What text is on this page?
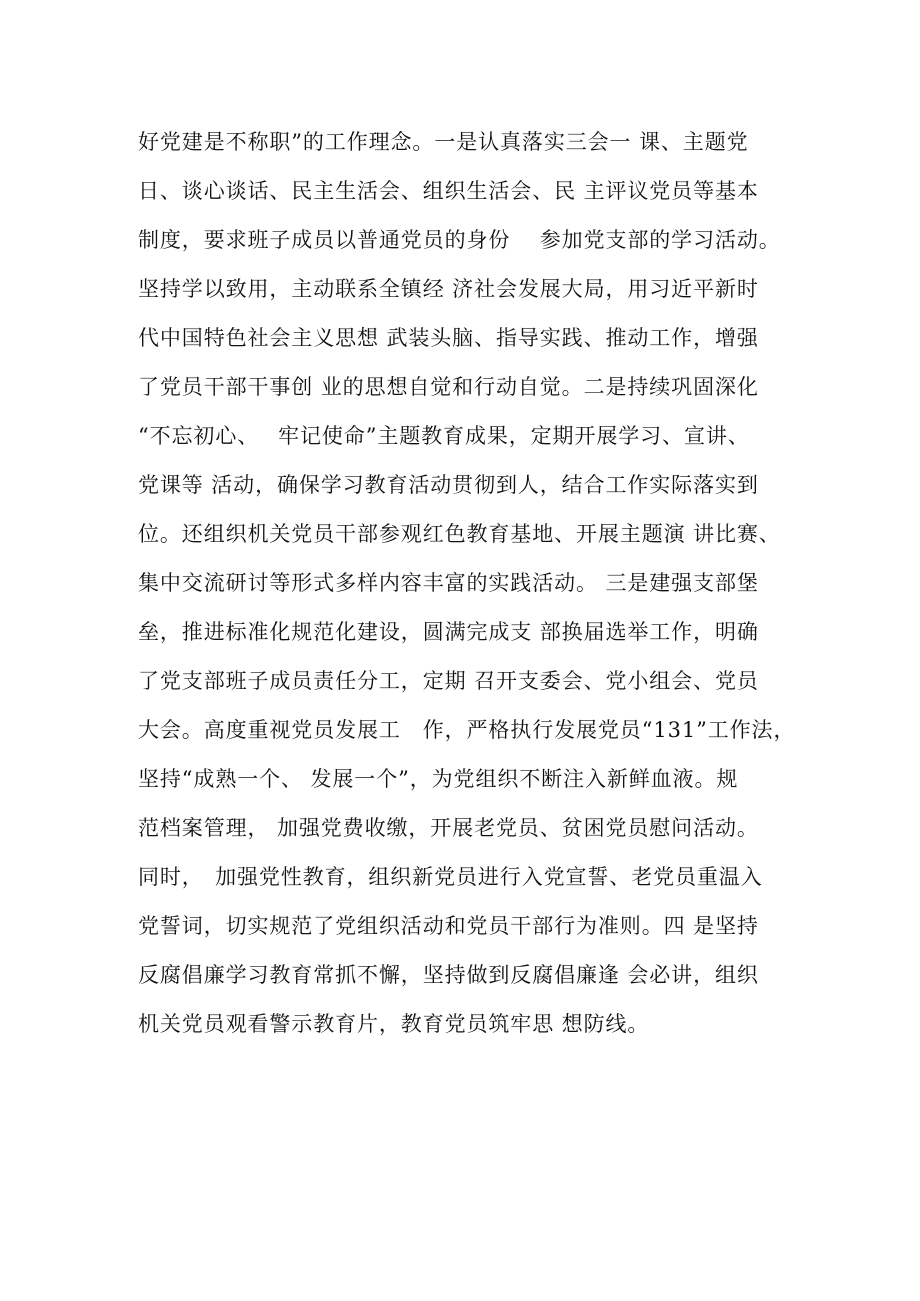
好党建是不称职”的工作理念。一是认真落实三会一 课、主题党
日、谈心谈话、民主生活会、组织生活会、民 主评议党员等基本
制度，要求班子成员以普通党员的身份　 参加党支部的学习活动。
坚持学以致用，主动联系全镇经 济社会发展大局，用习近平新时
代中国特色社会主义思想 武装头脑、指导实践、推动工作，增强
了党员干部干事创 业的思想自觉和行动自觉。二是持续巩固深化
“不忘初心、　 牢记使命”主题教育成果，定期开展学习、宣讲、
党课等 活动，确保学习教育活动贯彻到人，结合工作实际落实到
位。还组织机关党员干部参观红色教育基地、开展主题演 讲比赛、
集中交流研讨等形式多样内容丰富的实践活动。 三是建强支部堡
垒，推进标准化规范化建设，圆满完成支 部换届选举工作，明确
了党支部班子成员责任分工，定期 召开支委会、党小组会、党员
大会。高度重视党员发展工　作，严格执行发展党员“131”工作法，
坚持“成熟一个、 发展一个”，为党组织不断注入新鲜血液。规
范档案管理， 加强党费收缴，开展老党员、贫困党员慰问活动。
同时，　加强党性教育，组织新党员进行入党宣誓、老党员重温入
党誓词，切实规范了党组织活动和党员干部行为准则。四 是坚持
反腐倡廉学习教育常抓不懈，坚持做到反腐倡廉逢 会必讲，组织
机关党员观看警示教育片，教育党员筑牢思 想防线。
